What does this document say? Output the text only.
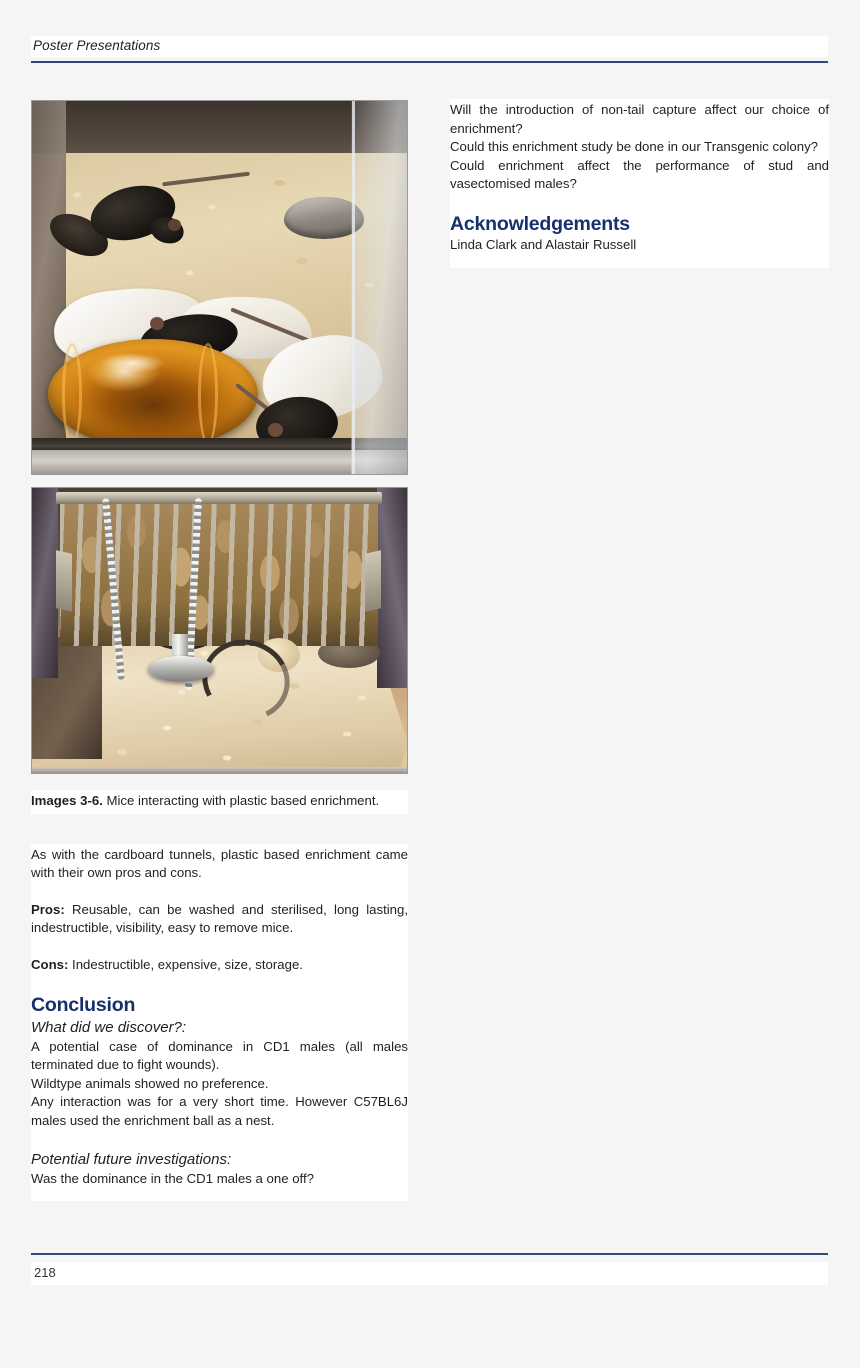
Poster Presentations

Images 3-6. Mice interacting with plastic based enrichment.

As with the cardboard tunnels, plastic based enrichment came with their own pros and cons.

Pros: Reusable, can be washed and sterilised, long lasting, indestructible, visibility, easy to remove mice.

Cons: Indestructible, expensive, size, storage.

Conclusion

What did we discover?:

A potential case of dominance in CD1 males (all males terminated due to fight wounds).

Wildtype animals showed no preference.

Any interaction was for a very short time. However C57BL6J males used the enrichment ball as a nest.

Potential future investigations:

Was the dominance in the CD1 males a one off?

Will the introduction of non-tail capture affect our choice of enrichment?

Could this enrichment study be done in our Transgenic colony?

Could enrichment affect the performance of stud and vasectomised males?

Acknowledgements

Linda Clark and Alastair Russell

218
